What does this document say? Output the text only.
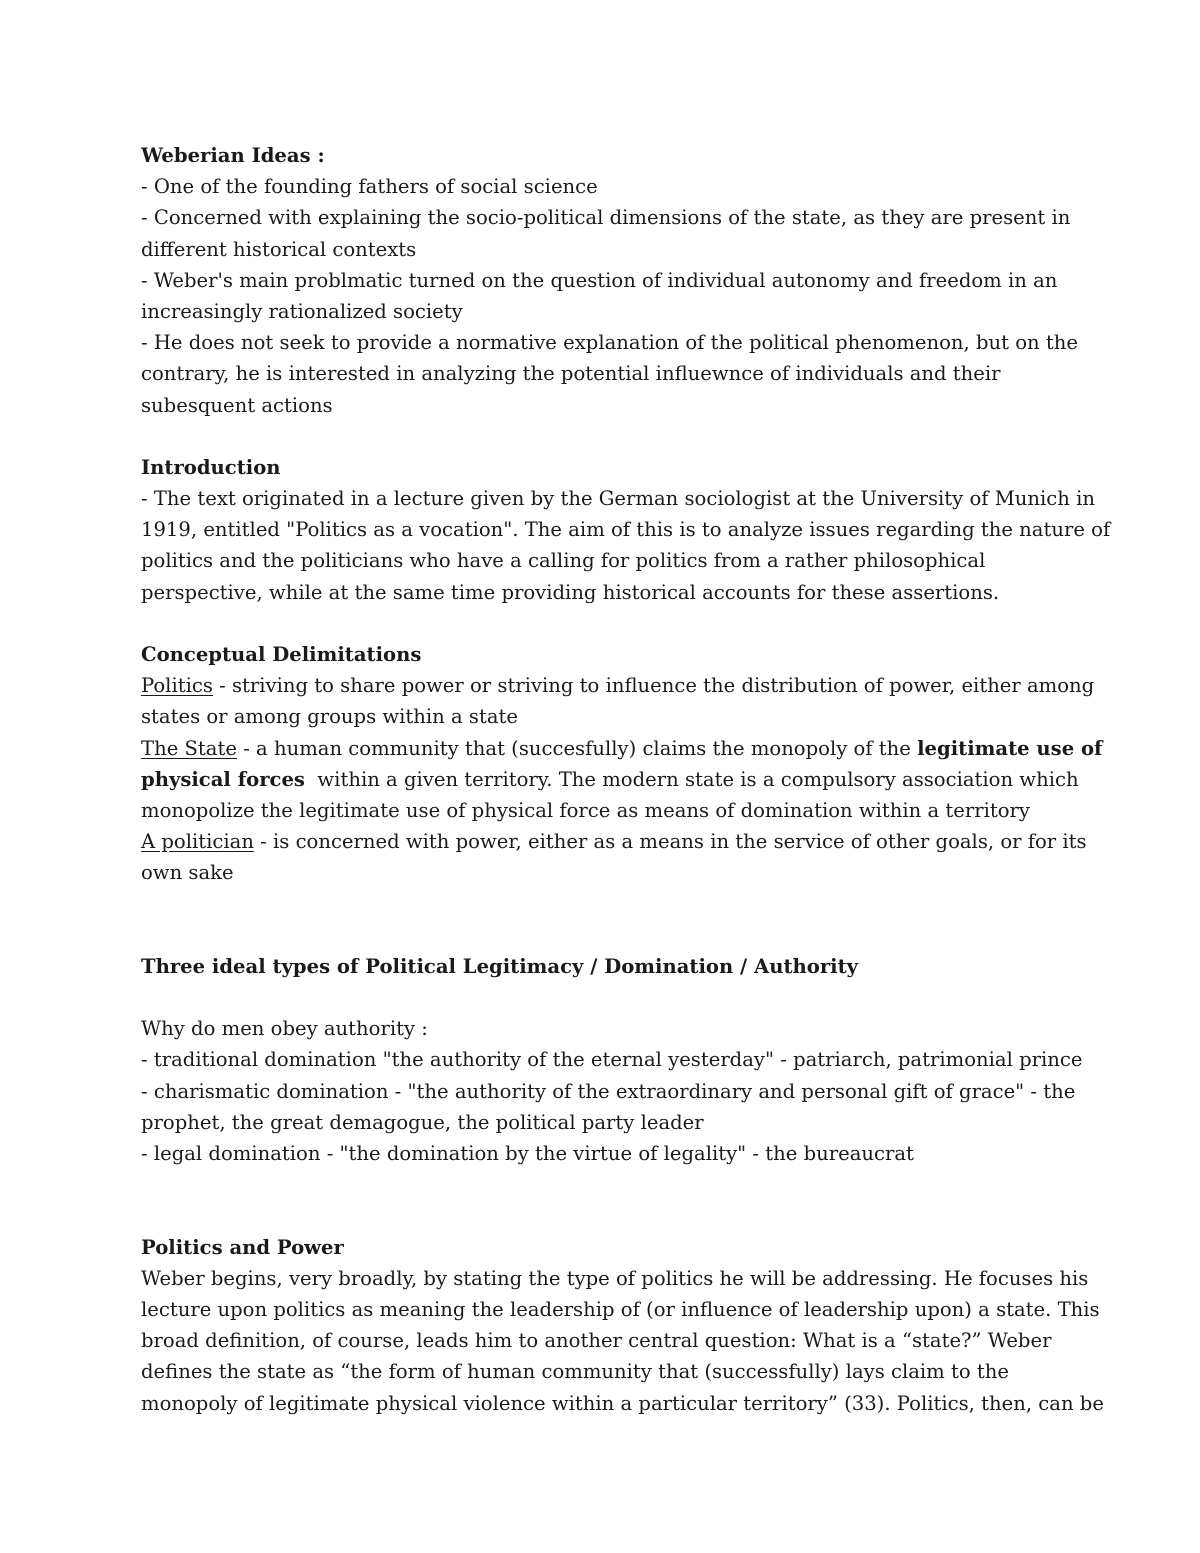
Weberian Ideas :
- One of the founding fathers of social science
- Concerned with explaining the socio-political dimensions of the state, as they are present in
different historical contexts
- Weber's main problmatic turned on the question of individual autonomy and freedom in an
increasingly rationalized society
- He does not seek to provide a normative explanation of the political phenomenon, but on the
contrary, he is interested in analyzing the potential influewnce of individuals and their
subesquent actions
Introduction
- The text originated in a lecture given by the German sociologist at the University of Munich in
1919, entitled "Politics as a vocation". The aim of this is to analyze issues regarding the nature of
politics and the politicians who have a calling for politics from a rather philosophical
perspective, while at the same time providing historical accounts for these assertions.
Conceptual Delimitations
Politics - striving to share power or striving to influence the distribution of power, either among
states or among groups within a state
The State - a human community that (succesfully) claims the monopoly of the legitimate use of
physical forces  within a given territory. The modern state is a compulsory association which
monopolize the legitimate use of physical force as means of domination within a territory
A politician - is concerned with power, either as a means in the service of other goals, or for its
own sake
Three ideal types of Political Legitimacy / Domination / Authority
Why do men obey authority :
- traditional domination "the authority of the eternal yesterday" - patriarch, patrimonial prince
- charismatic domination - "the authority of the extraordinary and personal gift of grace" - the
prophet, the great demagogue, the political party leader
- legal domination - "the domination by the virtue of legality" - the bureaucrat
Politics and Power
Weber begins, very broadly, by stating the type of politics he will be addressing. He focuses his
lecture upon politics as meaning the leadership of (or influence of leadership upon) a state. This
broad definition, of course, leads him to another central question: What is a “state?” Weber
defines the state as “the form of human community that (successfully) lays claim to the
monopoly of legitimate physical violence within a particular territory” (33). Politics, then, can be
